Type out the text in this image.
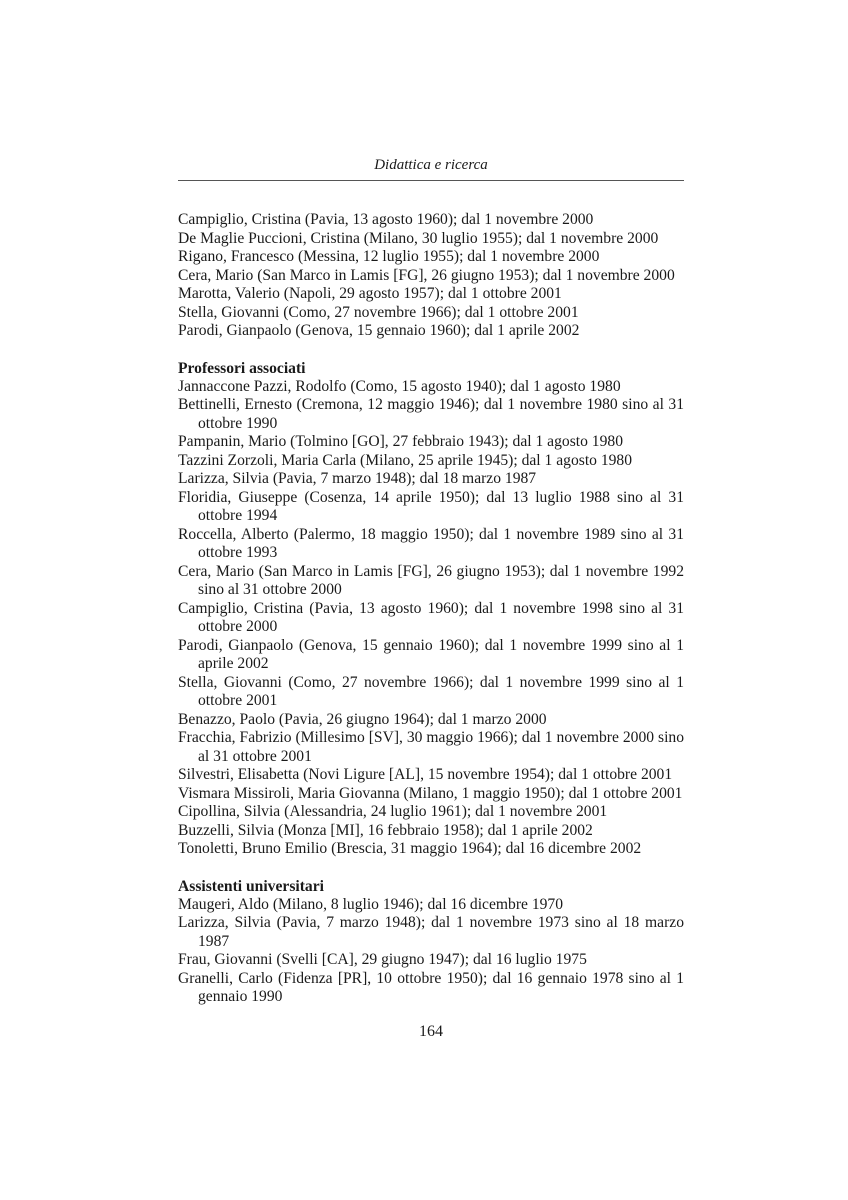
Didattica e ricerca

Campiglio, Cristina (Pavia, 13 agosto 1960); dal 1 novembre 2000

De Maglie Puccioni, Cristina (Milano, 30 luglio 1955); dal 1 novembre 2000

Rigano, Francesco (Messina, 12 luglio 1955); dal 1 novembre 2000

Cera, Mario (San Marco in Lamis [FG], 26 giugno 1953); dal 1 novembre 2000

Marotta, Valerio (Napoli, 29 agosto 1957); dal 1 ottobre 2001

Stella, Giovanni (Como, 27 novembre 1966); dal 1 ottobre 2001

Parodi, Gianpaolo (Genova, 15 gennaio 1960); dal 1 aprile 2002

Professori associati

Jannaccone Pazzi, Rodolfo (Como, 15 agosto 1940); dal 1 agosto 1980

Bettinelli, Ernesto (Cremona, 12 maggio 1946); dal 1 novembre 1980 sino al 31 ottobre 1990

Pampanin, Mario (Tolmino [GO], 27 febbraio 1943); dal 1 agosto 1980

Tazzini Zorzoli, Maria Carla (Milano, 25 aprile 1945); dal 1 agosto 1980

Larizza, Silvia (Pavia, 7 marzo 1948); dal 18 marzo 1987

Floridia, Giuseppe (Cosenza, 14 aprile 1950); dal 13 luglio 1988 sino al 31 ottobre 1994

Roccella, Alberto (Palermo, 18 maggio 1950); dal 1 novembre 1989 sino al 31 ottobre 1993

Cera, Mario (San Marco in Lamis [FG], 26 giugno 1953); dal 1 novembre 1992 sino al 31 ottobre 2000

Campiglio, Cristina (Pavia, 13 agosto 1960); dal 1 novembre 1998 sino al 31 ottobre 2000

Parodi, Gianpaolo (Genova, 15 gennaio 1960); dal 1 novembre 1999 sino al 1 aprile 2002

Stella, Giovanni (Como, 27 novembre 1966); dal 1 novembre 1999 sino al 1 ottobre 2001

Benazzo, Paolo (Pavia, 26 giugno 1964); dal 1 marzo 2000

Fracchia, Fabrizio (Millesimo [SV], 30 maggio 1966); dal 1 novembre 2000 sino al 31 ottobre 2001

Silvestri, Elisabetta (Novi Ligure [AL], 15 novembre 1954); dal 1 ottobre 2001

Vismara Missiroli, Maria Giovanna (Milano, 1 maggio 1950); dal 1 ottobre 2001

Cipollina, Silvia (Alessandria, 24 luglio 1961); dal 1 novembre 2001

Buzzelli, Silvia (Monza [MI], 16 febbraio 1958); dal 1 aprile 2002

Tonoletti, Bruno Emilio (Brescia, 31 maggio 1964); dal 16 dicembre 2002

Assistenti universitari

Maugeri, Aldo (Milano, 8 luglio 1946); dal 16 dicembre 1970

Larizza, Silvia (Pavia, 7 marzo 1948); dal 1 novembre 1973 sino al 18 marzo 1987

Frau, Giovanni (Svelli [CA], 29 giugno 1947); dal 16 luglio 1975

Granelli, Carlo (Fidenza [PR], 10 ottobre 1950); dal 16 gennaio 1978 sino al 1 gennaio 1990

164
